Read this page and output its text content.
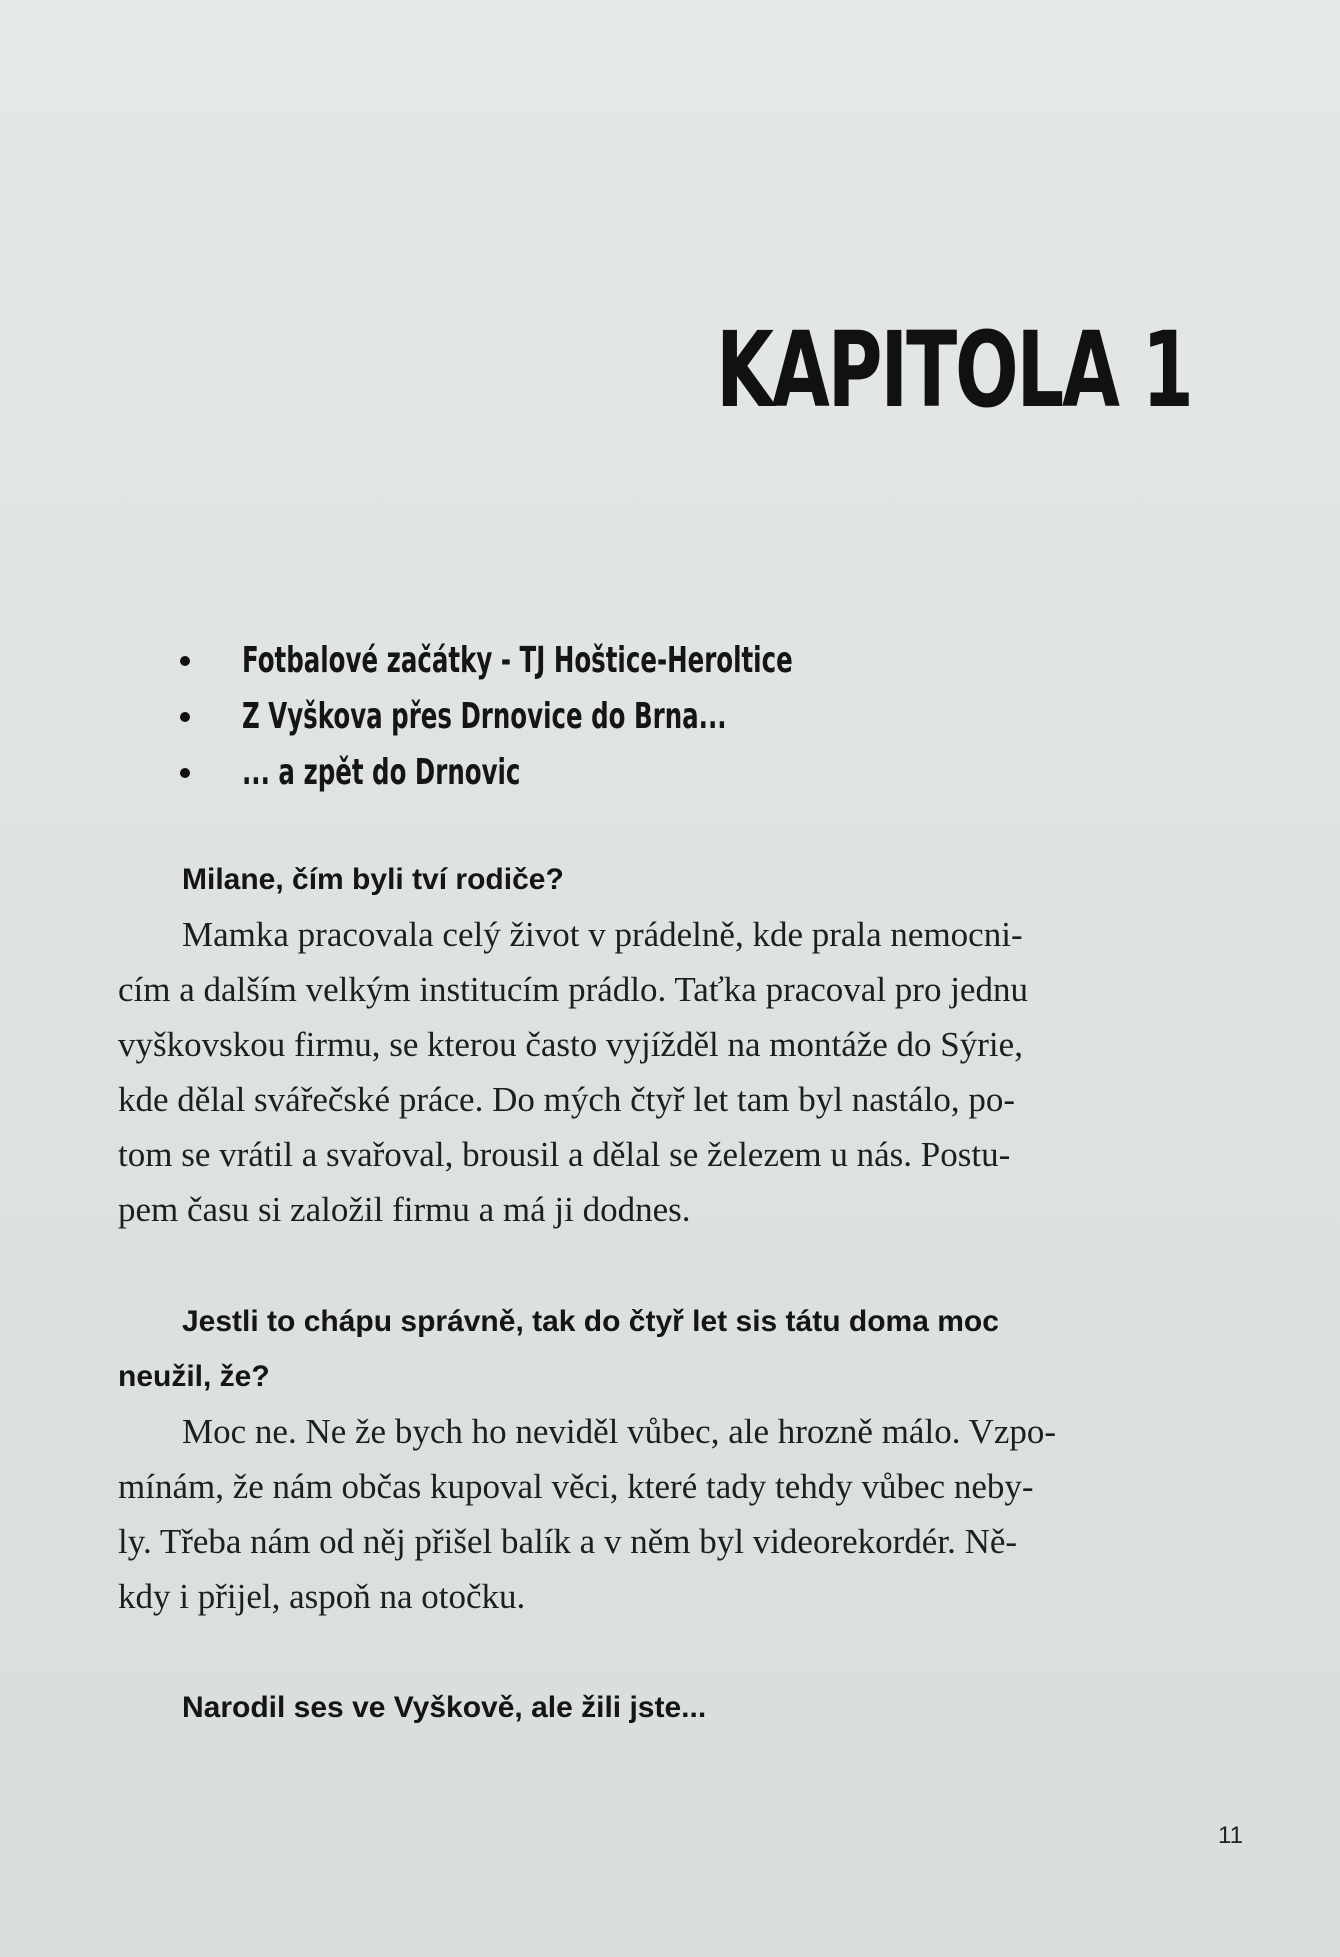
KAPITOLA 1
Fotbalové začátky - TJ Hoštice-Heroltice
Z Vyškova přes Drnovice do Brna...
... a zpět do Drnovic

Milane, čím byli tví rodiče?

Mamka pracovala celý život v prádelně, kde prala nemocni-

cím a dalším velkým institucím prádlo. Taťka pracoval pro jednu

vyškovskou firmu, se kterou často vyjížděl na montáže do Sýrie,

kde dělal svářečské práce. Do mých čtyř let tam byl nastálo, po-

tom se vrátil a svařoval, brousil a dělal se železem u nás. Postu-

pem času si založil firmu a má ji dodnes.

Jestli to chápu správně, tak do čtyř let sis tátu doma moc

neužil, že?

Moc ne. Ne že bych ho neviděl vůbec, ale hrozně málo. Vzpo-

mínám, že nám občas kupoval věci, které tady tehdy vůbec neby-

ly. Třeba nám od něj přišel balík a v něm byl videorekordér. Ně-

kdy i přijel, aspoň na otočku.

Narodil ses ve Vyškově, ale žili jste...

11
